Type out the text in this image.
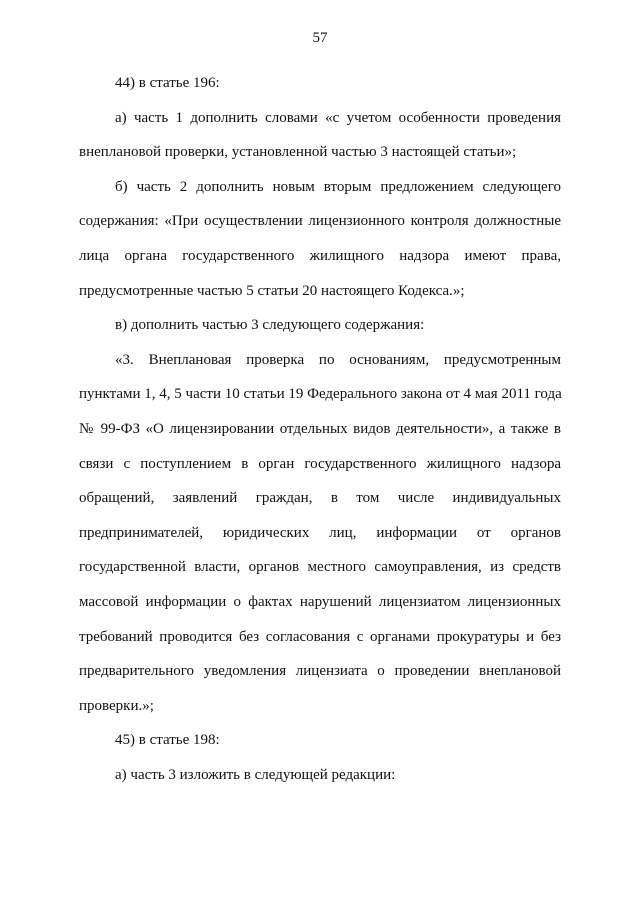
57
44) в статье 196:
а) часть 1 дополнить словами «с учетом особенности проведения
внеплановой проверки, установленной частью 3 настоящей статьи»;
б) часть 2 дополнить новым вторым предложением следующего
содержания: «При осуществлении лицензионного контроля должностные
лица органа государственного жилищного надзора имеют права,
предусмотренные частью 5 статьи 20 настоящего Кодекса.»;
в) дополнить частью 3 следующего содержания:
«3. Внеплановая проверка по основаниям, предусмотренным
пунктами 1, 4, 5 части 10 статьи 19 Федерального закона от 4 мая 2011 года
№ 99-ФЗ «О лицензировании отдельных видов деятельности», а также в
связи с поступлением в орган государственного жилищного надзора
обращений, заявлений граждан, в том числе индивидуальных
предпринимателей, юридических лиц, информации от органов
государственной власти, органов местного самоуправления, из средств
массовой информации о фактах нарушений лицензиатом лицензионных
требований проводится без согласования с органами прокуратуры и без
предварительного уведомления лицензиата о проведении внеплановой
проверки.»;
45) в статье 198:
а) часть 3 изложить в следующей редакции:
